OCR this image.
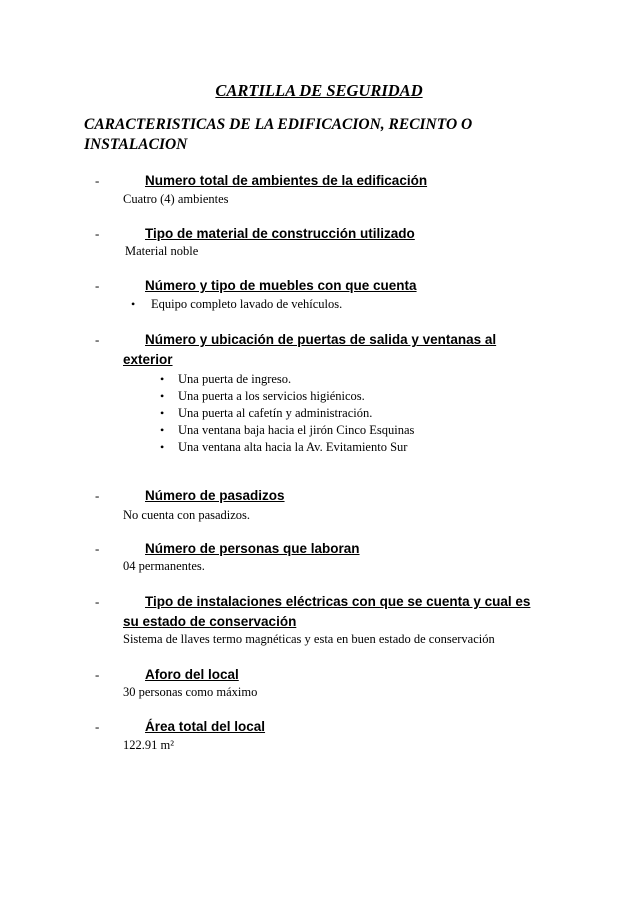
CARTILLA DE SEGURIDAD
CARACTERISTICAS DE LA EDIFICACION, RECINTO O INSTALACION
-	Numero total de ambientes de la edificación
Cuatro (4) ambientes
-	Tipo de material de construcción utilizado
Material noble
-	Número y tipo de muebles con que cuenta
• Equipo completo lavado de vehículos.
-	Número y ubicación de puertas de salida y ventanas al
exterior
• Una puerta de ingreso.
• Una puerta a los servicios higiénicos.
• Una puerta al cafetín y administración.
• Una ventana baja hacia el jirón Cinco Esquinas
• Una ventana alta hacia la Av. Evitamiento Sur
-	Número de pasadizos
No cuenta con pasadizos.
-	Número de personas que laboran
04 permanentes.
-	Tipo de instalaciones eléctricas con que se cuenta y cual es
su estado de conservación
Sistema de llaves termo magnéticas y esta en buen estado de conservación
-	Aforo del local
30 personas como máximo
-	Área total del local
122.91 m²
